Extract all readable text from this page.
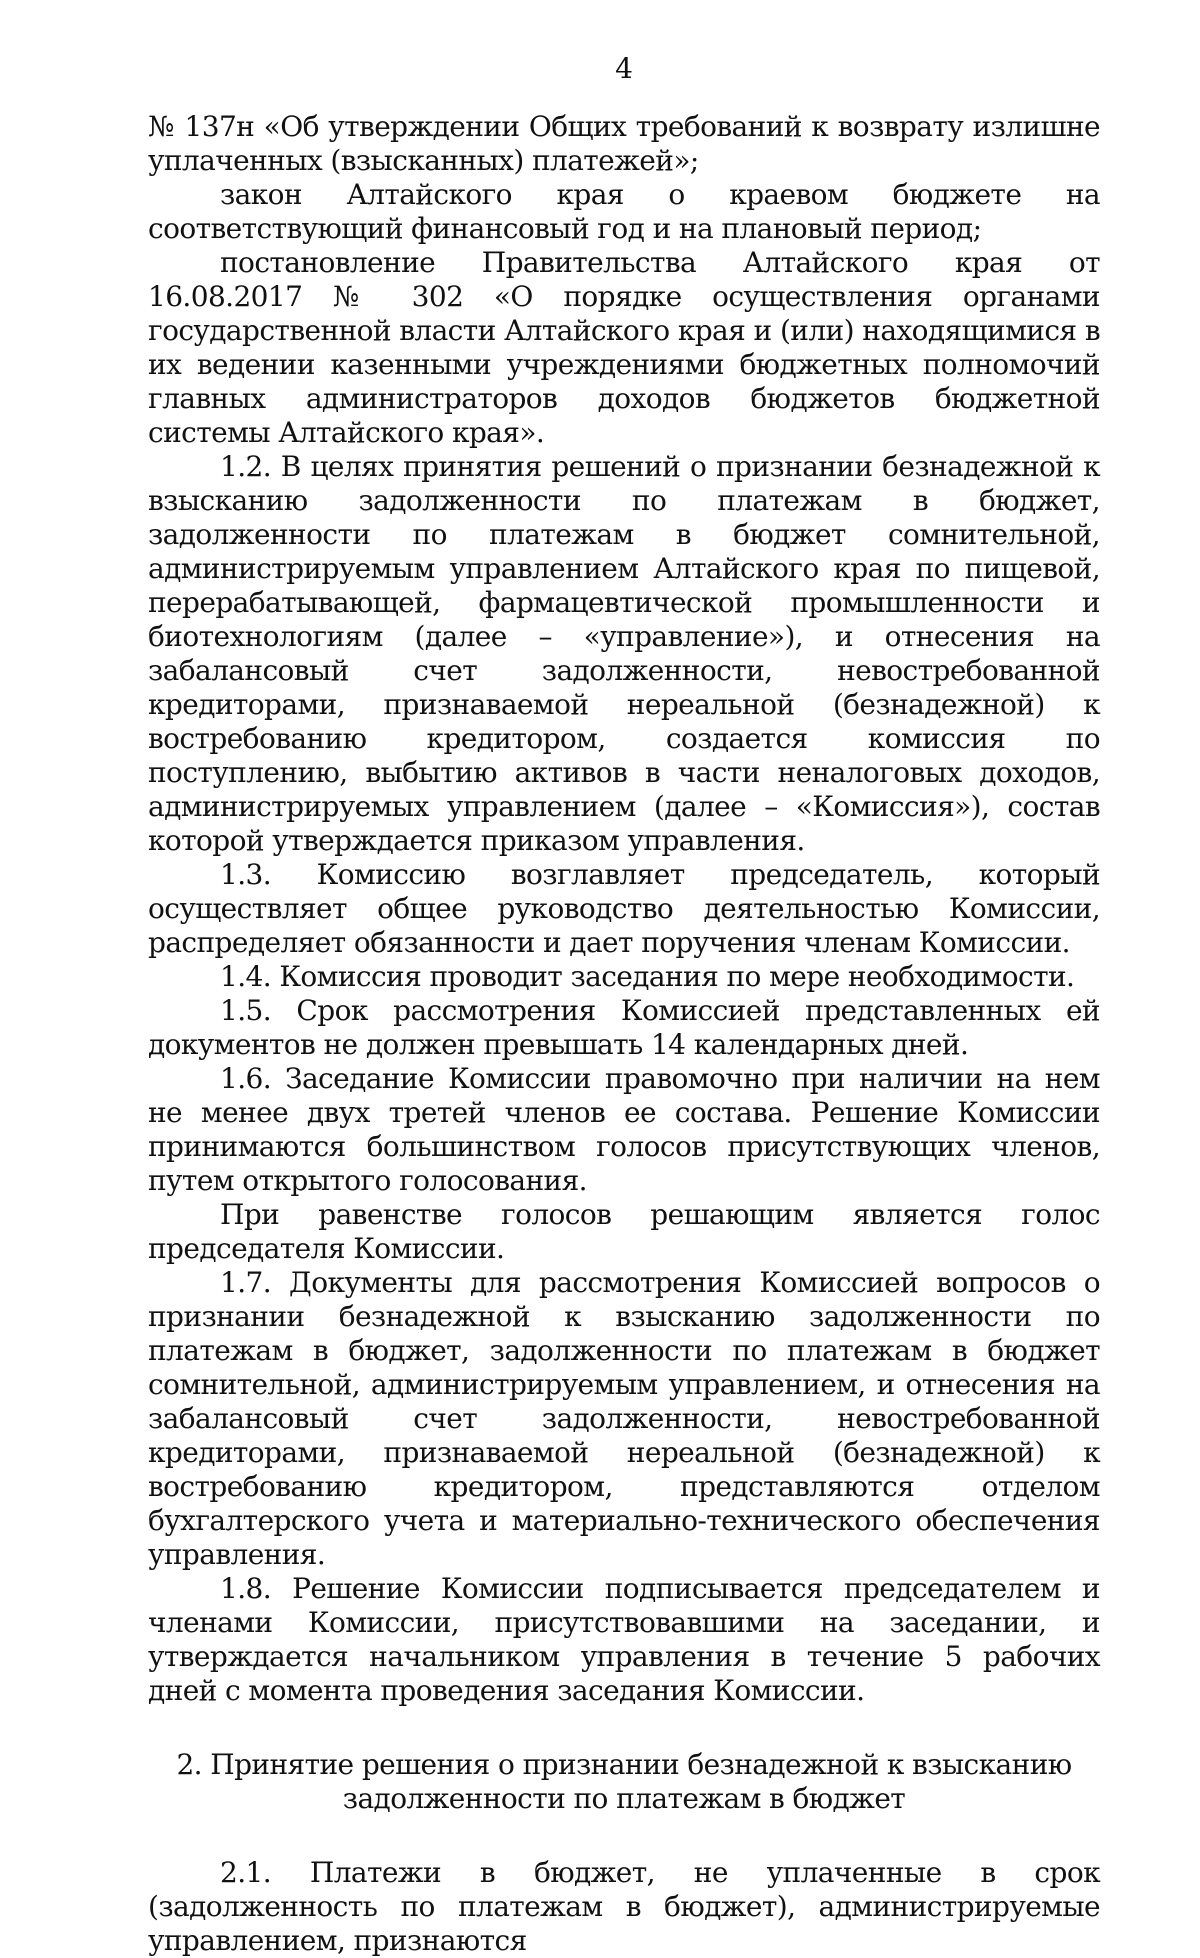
4

№ 137н «Об утверждении Общих требований к возврату излишне уплаченных (взысканных) платежей»;

закон Алтайского края о краевом бюджете на соответствующий финансовый год и на плановый период;

постановление Правительства Алтайского края от 16.08.2017 № 302 «О порядке осуществления органами государственной власти Алтайского края и (или) находящимися в их ведении казенными учреждениями бюджетных полномочий главных администраторов доходов бюджетов бюджетной системы Алтайского края».

1.2. В целях принятия решений о признании безнадежной к взысканию задолженности по платежам в бюджет, задолженности по платежам в бюджет сомнительной, администрируемым управлением Алтайского края по пищевой, перерабатывающей, фармацевтической промышленности и биотехнологиям (далее – «управление»), и отнесения на забалансовый счет задолженности, невостребованной кредиторами, признаваемой нереальной (безнадежной) к востребованию кредитором, создается комиссия по поступлению, выбытию активов в части неналоговых доходов, администрируемых управлением (далее – «Комиссия»), состав которой утверждается приказом управления.

1.3. Комиссию возглавляет председатель, который осуществляет общее руководство деятельностью Комиссии, распределяет обязанности и дает поручения членам Комиссии.

1.4. Комиссия проводит заседания по мере необходимости.

1.5. Срок рассмотрения Комиссией представленных ей документов не должен превышать 14 календарных дней.

1.6. Заседание Комиссии правомочно при наличии на нем не менее двух третей членов ее состава. Решение Комиссии принимаются большинством голосов присутствующих членов, путем открытого голосования.

При равенстве голосов решающим является голос председателя Комиссии.

1.7. Документы для рассмотрения Комиссией вопросов о признании безнадежной к взысканию задолженности по платежам в бюджет, задолженности по платежам в бюджет сомнительной, администрируемым управлением, и отнесения на забалансовый счет задолженности, невостребованной кредиторами, признаваемой нереальной (безнадежной) к востребованию кредитором, представляются отделом бухгалтерского учета и материально-технического обеспечения управления.

1.8. Решение Комиссии подписывается председателем и членами Комиссии, присутствовавшими на заседании, и утверждается начальником управления в течение 5 рабочих дней с момента проведения заседания Комиссии.

2. Принятие решения о признании безнадежной к взысканию
задолженности по платежам в бюджет

2.1. Платежи в бюджет, не уплаченные в срок (задолженность по платежам в бюджет), администрируемые управлением, признаются
